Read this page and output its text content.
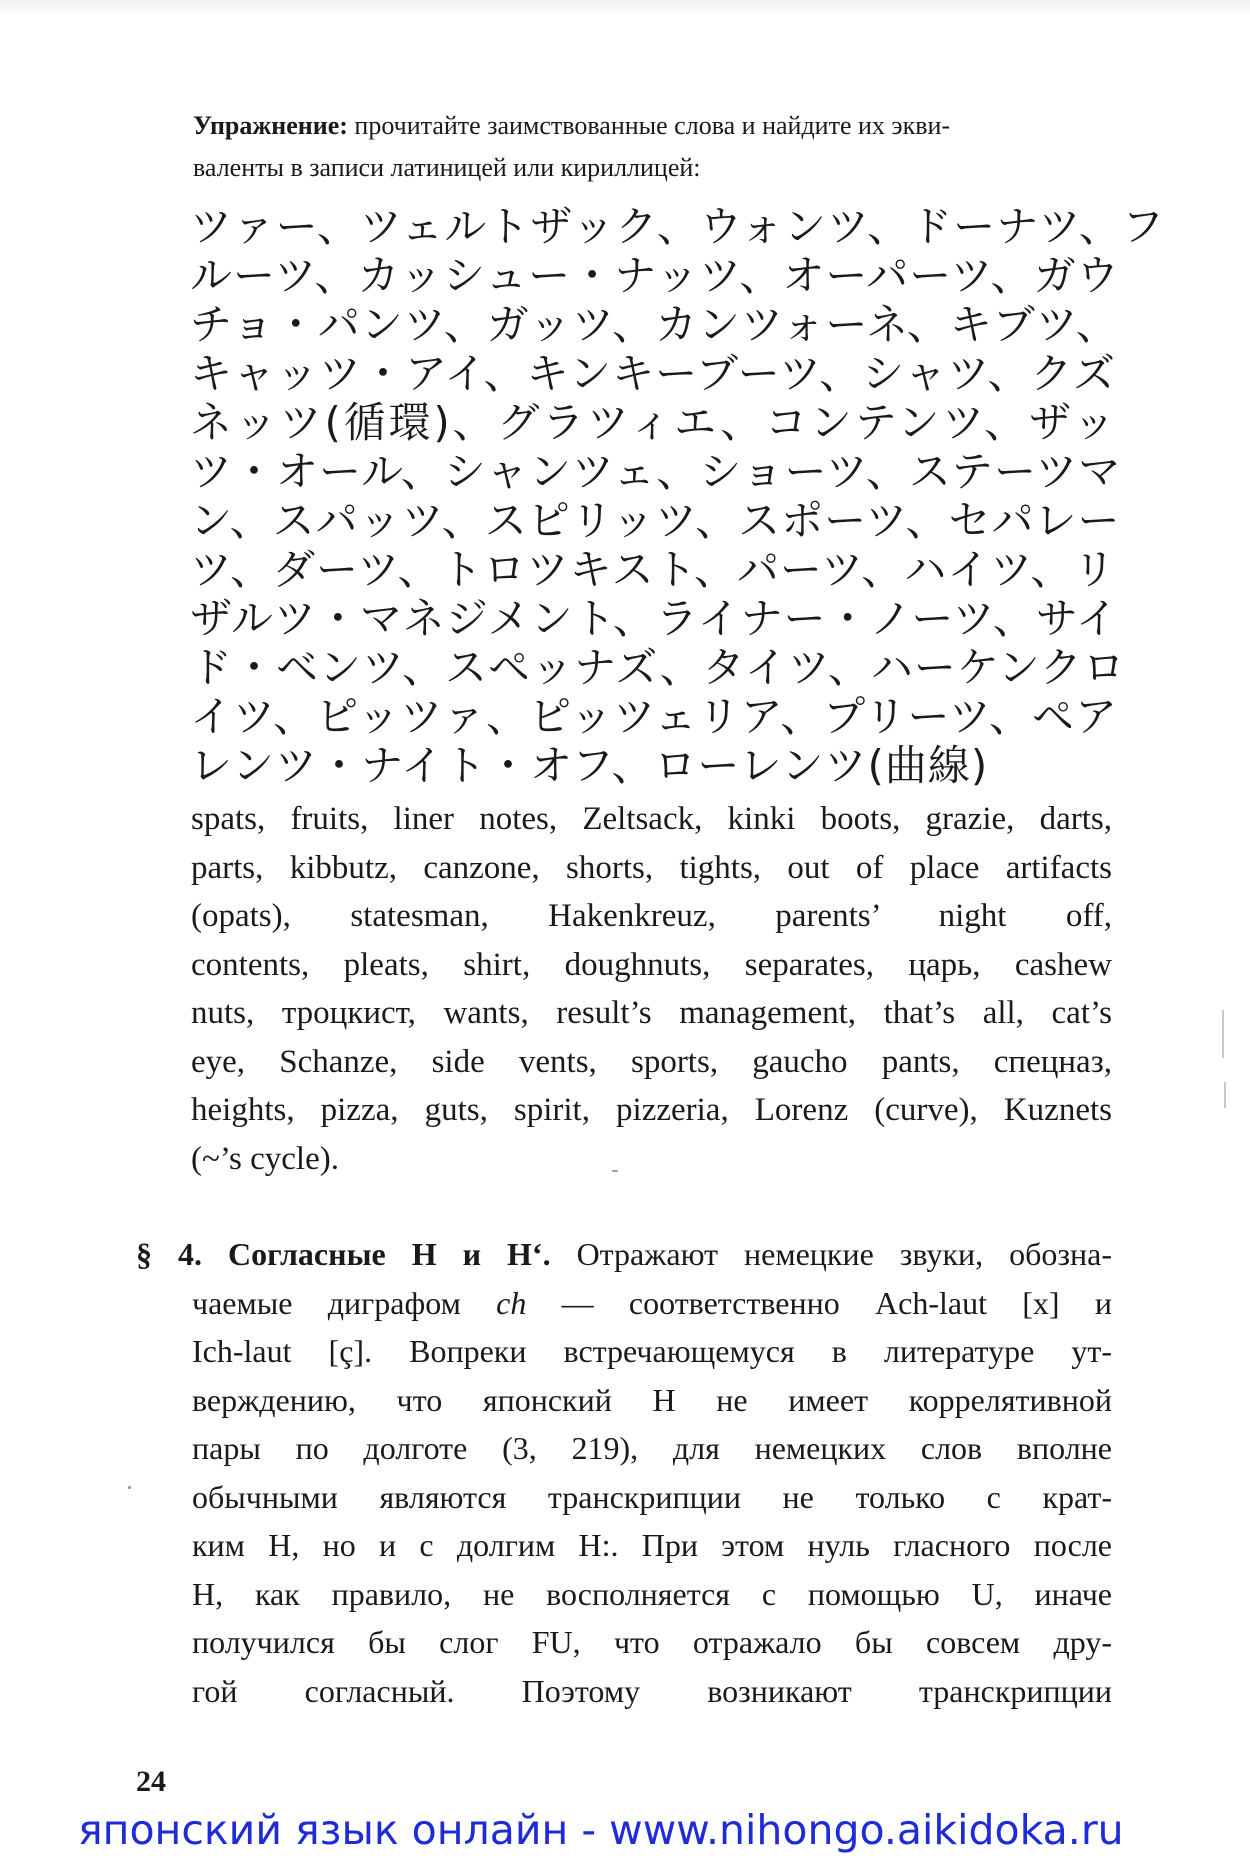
Упражнение: прочитайте заимствованные слова и найдите их экви-
валенты в записи латиницей или кириллицей:
ツァー、ツェルトザック、ウォンツ、ドーナツ、フ
ルーツ、カッシュー・ナッツ、オーパーツ、ガウ
チョ・パンツ、ガッツ、カンツォーネ、キブツ、
キャッツ・アイ、キンキーブーツ、シャツ、クズ
ネッツ(循環)、グラツィエ、コンテンツ、ザッ
ツ・オール、シャンツェ、ショーツ、ステーツマ
ン、スパッツ、スピリッツ、スポーツ、セパレー
ツ、ダーツ、トロツキスト、パーツ、ハイツ、リ
ザルツ・マネジメント、ライナー・ノーツ、サイ
ド・ベンツ、スペッナズ、タイツ、ハーケンクロ
イツ、ピッツァ、ピッツェリア、プリーツ、ペア
レンツ・ナイト・オフ、ローレンツ(曲線)
spats, fruits, liner notes, Zeltsack, kinki boots, grazie, darts,
parts, kibbutz, canzone, shorts, tights, out of place artifacts
(opats), statesman, Hakenkreuz, parents’ night off,
contents, pleats, shirt, doughnuts, separates, царь, cashew
nuts, троцкист, wants, result’s management, that’s all, cat’s
eye, Schanze, side vents, sports, gaucho pants, спецназ,
heights, pizza, guts, spirit, pizzeria, Lorenz (curve), Kuznets
(~’s cycle).
§ 4. Согласные H и H‘. Отражают немецкие звуки, обозна-
чаемые диграфом ch — соответственно Ach-laut [x] и
Ich-laut [ç]. Вопреки встречающемуся в литературе ут-
верждению, что японский H не имеет коррелятивной
пары по долготе (3, 219), для немецких слов вполне
обычными являются транскрипции не только с крат-
ким H, но и с долгим H:. При этом нуль гласного после
H, как правило, не восполняется с помощью U, иначе
получился бы слог FU, что отражало бы совсем дру-
гой согласный. Поэтому возникают транскрипции
24
японский язык онлайн - www.nihongo.aikidoka.ru
